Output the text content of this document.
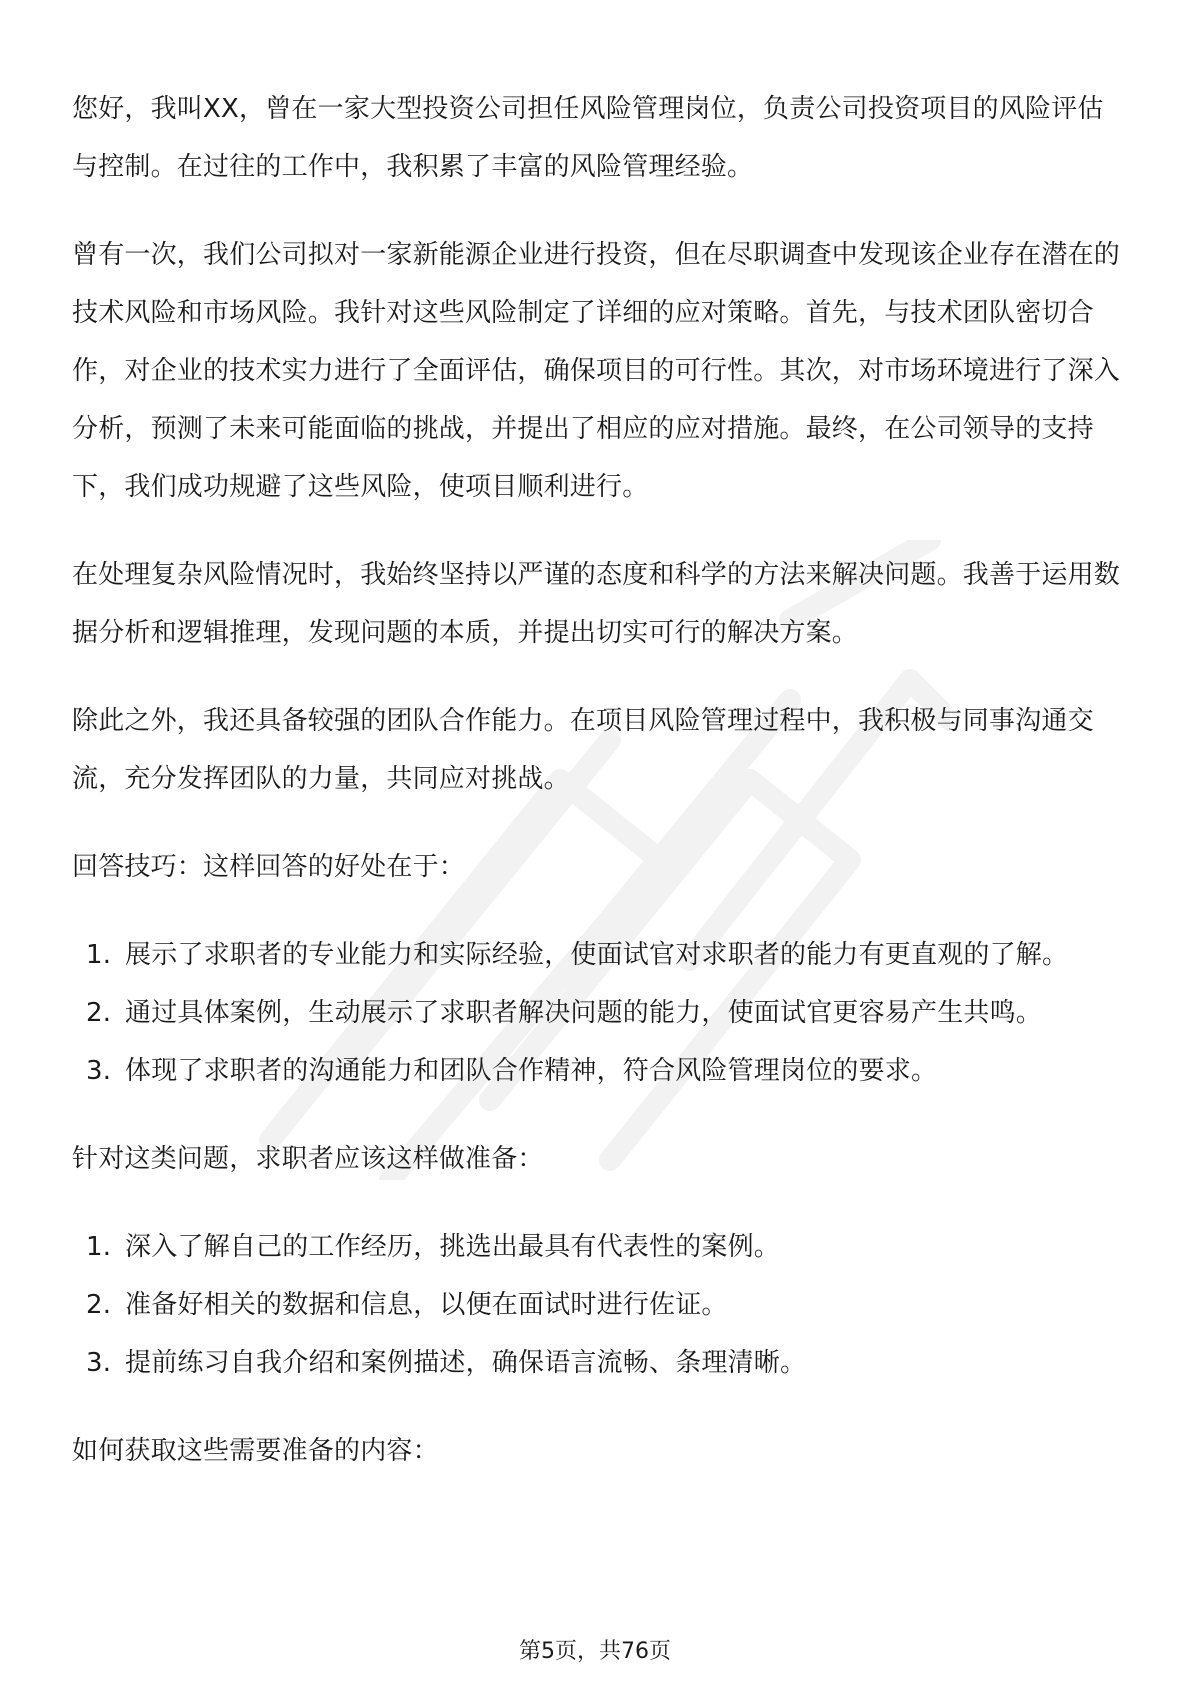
您好，我叫XX，曾在一家大型投资公司担任风险管理岗位，负责公司投资项目的风险评估与控制。在过往的工作中，我积累了丰富的风险管理经验。

曾有一次，我们公司拟对一家新能源企业进行投资，但在尽职调查中发现该企业存在潜在的技术风险和市场风险。我针对这些风险制定了详细的应对策略。首先，与技术团队密切合作，对企业的技术实力进行了全面评估，确保项目的可行性。其次，对市场环境进行了深入分析，预测了未来可能面临的挑战，并提出了相应的应对措施。最终，在公司领导的支持下，我们成功规避了这些风险，使项目顺利进行。

在处理复杂风险情况时，我始终坚持以严谨的态度和科学的方法来解决问题。我善于运用数据分析和逻辑推理，发现问题的本质，并提出切实可行的解决方案。

除此之外，我还具备较强的团队合作能力。在项目风险管理过程中，我积极与同事沟通交流，充分发挥团队的力量，共同应对挑战。

回答技巧：这样回答的好处在于：

1. 展示了求职者的专业能力和实际经验，使面试官对求职者的能力有更直观的了解。
2. 通过具体案例，生动展示了求职者解决问题的能力，使面试官更容易产生共鸣。
3. 体现了求职者的沟通能力和团队合作精神，符合风险管理岗位的要求。

针对这类问题，求职者应该这样做准备：

1. 深入了解自己的工作经历，挑选出最具有代表性的案例。
2. 准备好相关的数据和信息，以便在面试时进行佐证。
3. 提前练习自我介绍和案例描述，确保语言流畅、条理清晰。

如何获取这些需要准备的内容：

第5页，共76页
